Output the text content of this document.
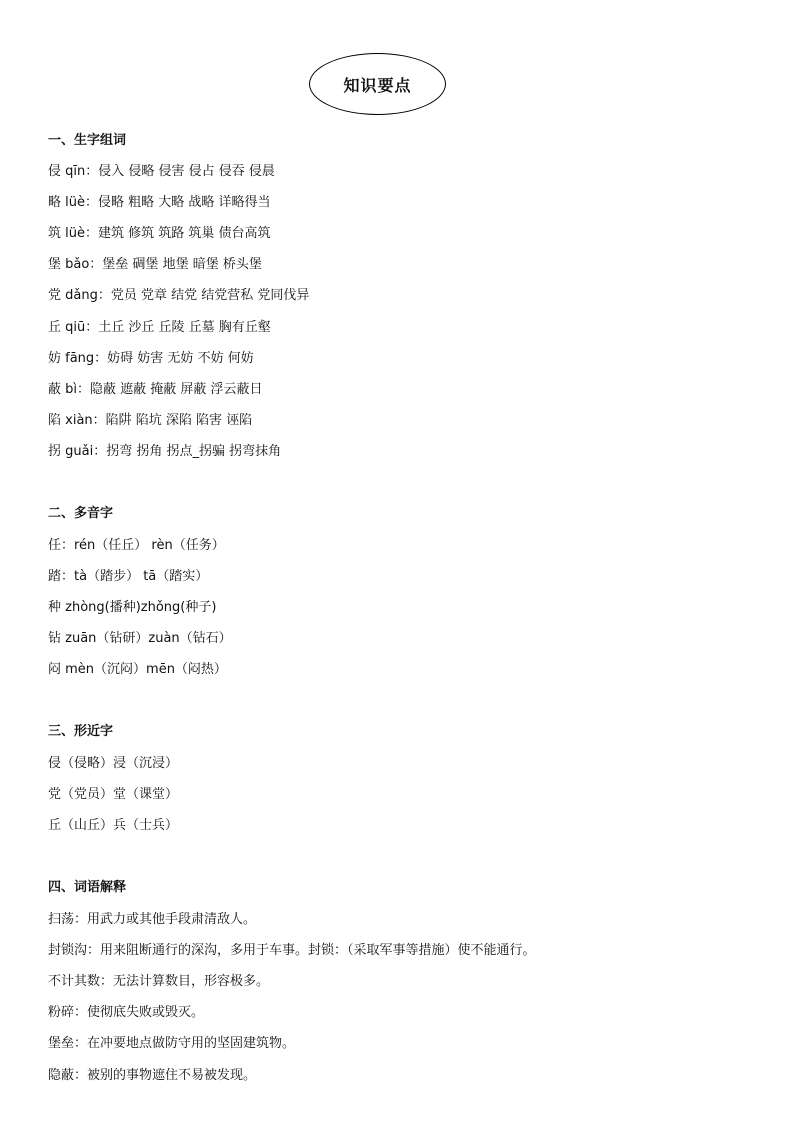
知识要点
一、生字组词
侵 qīn：侵入 侵略 侵害 侵占 侵吞 侵晨
略 lüè：侵略 粗略 大略 战略 详略得当
筑 lüè：建筑 修筑 筑路 筑巢 债台高筑
堡 bǎo：堡垒 碉堡 地堡 暗堡 桥头堡
党 dǎng：党员 党章 结党 结党营私 党同伐异
丘 qiū：土丘 沙丘 丘陵 丘墓 胸有丘壑
妨 fāng：妨碍 妨害 无妨 不妨 何妨
蔽 bì：隐蔽 遮蔽 掩蔽 屏蔽 浮云蔽日
陷 xiàn：陷阱 陷坑 深陷 陷害 诬陷
拐 guǎi：拐弯 拐角 拐点_拐骗 拐弯抹角
二、多音字
任：rén（任丘） rèn（任务）
踏：tà（踏步） tā（踏实）
种 zhòng(播种)zhǒng(种子)
钻 zuān（钻研）zuàn（钻石）
闷 mèn（沉闷）mēn（闷热）
三、形近字
侵（侵略）浸（沉浸）
党（党员）堂（课堂）
丘（山丘）兵（士兵）
四、词语解释
扫荡：用武力或其他手段肃清敌人。
封锁沟：用来阻断通行的深沟，多用于车事。封锁：（采取军事等措施）使不能通行。
不计其数：无法计算数目，形容极多。
粉碎：使彻底失败或毁灭。
堡垒：在冲要地点做防守用的坚固建筑物。
隐蔽：被别的事物遮住不易被发现。
